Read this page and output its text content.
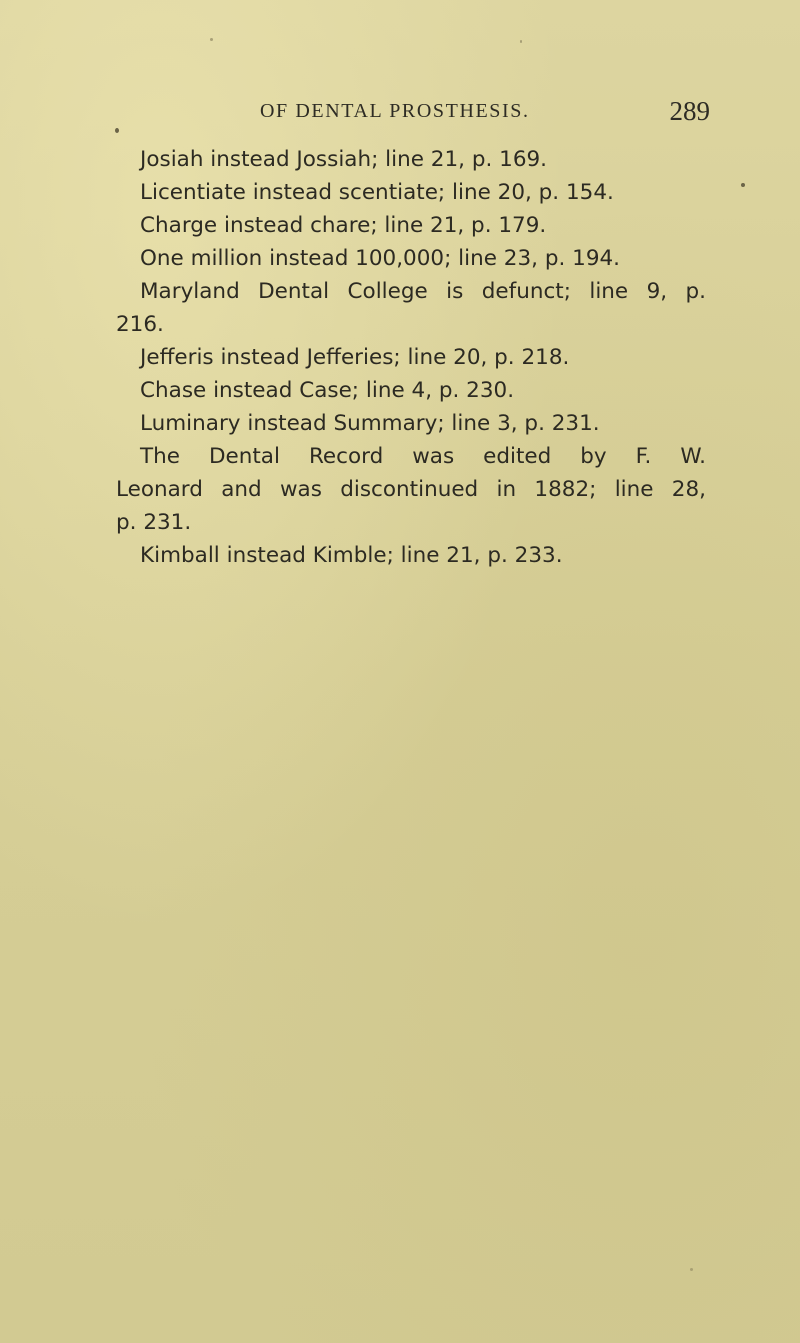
OF DENTAL PROSTHESIS.	289
Josiah instead Jossiah; line 21, p. 169.
Licentiate instead scentiate; line 20, p. 154.
Charge instead chare; line 21, p. 179.
One million instead 100,000; line 23, p. 194.
Maryland Dental College is defunct; line 9, p.
216.
Jefferis instead Jefferies; line 20, p. 218.
Chase instead Case; line 4, p. 230.
Luminary instead Summary; line 3, p. 231.
The Dental Record was edited by F. W.
Leonard and was discontinued in 1882; line 28,
p. 231.
Kimball instead Kimble; line 21, p. 233.
